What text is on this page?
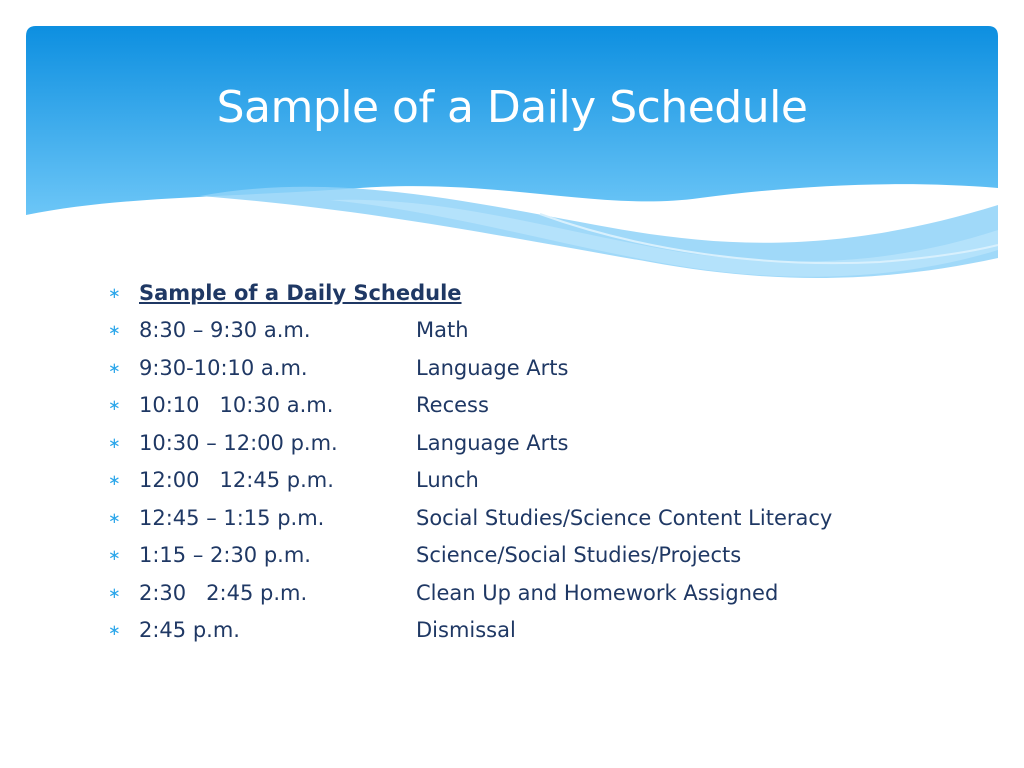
Sample of a Daily Schedule
∗ Sample of a Daily Schedule
∗ 8:30 – 9:30 a.m.	Math
∗ 9:30-10:10 a.m.	Language Arts
∗ 10:10   10:30 a.m.	Recess
∗ 10:30 – 12:00 p.m.	Language Arts
∗ 12:00   12:45 p.m.	Lunch
∗ 12:45 – 1:15 p.m.	Social Studies/Science Content Literacy
∗ 1:15 – 2:30 p.m.	Science/Social Studies/Projects
∗ 2:30   2:45 p.m.	Clean Up and Homework Assigned
∗ 2:45 p.m.	Dismissal
